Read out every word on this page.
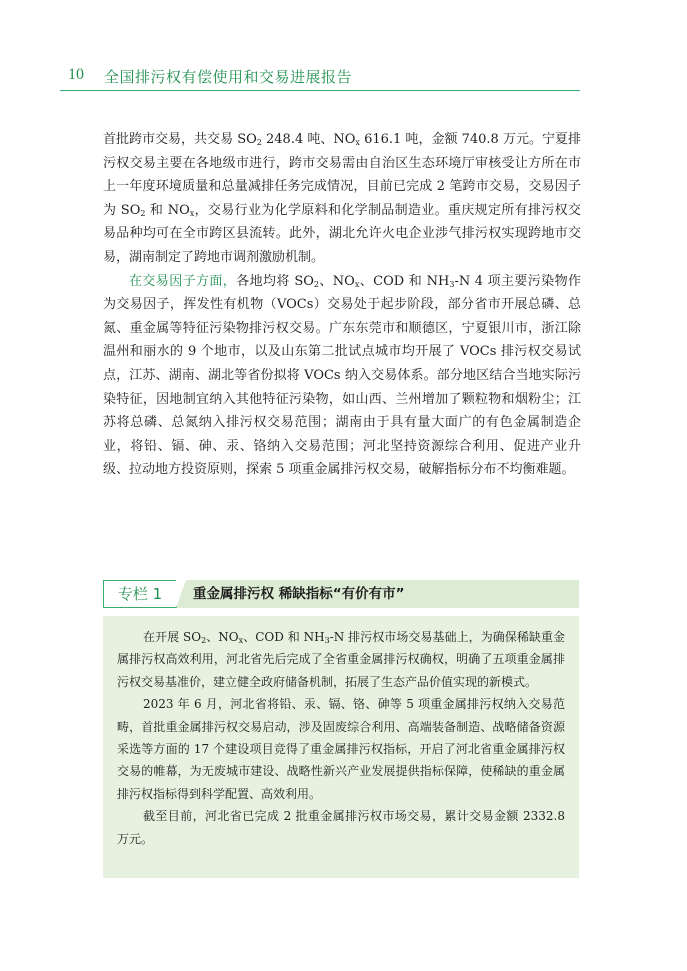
10 全国排污权有偿使用和交易进展报告

首批跨市交易，共交易 $SO_2$ 248.4 吨、$NO_x$ 616.1 吨，金额 740.8 万元。宁夏排污权交易主要在各地级市进行，跨市交易需由自治区生态环境厅审核受让方所在市上一年度环境质量和总量减排任务完成情况，目前已完成 2 笔跨市交易，交易因子为 $SO_2$ 和 $NO_x$，交易行业为化学原料和化学制品制造业。重庆规定所有排污权交易品种均可在全市跨区县流转。此外，湖北允许火电企业涉气排污权实现跨地市交易，湖南制定了跨地市调剂激励机制。

在交易因子方面，各地均将 $SO_2$、$NO_x$、COD 和 $NH_3-N$ 4 项主要污染物作为交易因子，挥发性有机物（VOCs）交易处于起步阶段，部分省市开展总磷、总氮、重金属等特征污染物排污权交易。广东东莞市和顺德区，宁夏银川市，浙江除温州和丽水的 9 个地市，以及山东第二批试点城市均开展了 VOCs 排污权交易试点，江苏、湖南、湖北等省份拟将 VOCs 纳入交易体系。部分地区结合当地实际污染特征，因地制宜纳入其他特征污染物，如山西、兰州增加了颗粒物和烟粉尘；江苏将总磷、总氮纳入排污权交易范围；湖南由于具有量大面广的有色金属制造企业，将铅、镉、砷、汞、铬纳入交易范围；河北坚持资源综合利用、促进产业升级、拉动地方投资原则，探索 5 项重金属排污权交易，破解指标分布不均衡难题。

专栏 1	重金属排污权 稀缺指标“有价有市”

在开展 $SO_2$、$NO_x$、COD 和 $NH_3-N$ 排污权市场交易基础上，为确保稀缺重金属排污权高效利用，河北省先后完成了全省重金属排污权确权，明确了五项重金属排污权交易基准价，建立健全政府储备机制，拓展了生态产品价值实现的新模式。

2023 年 6 月，河北省将铅、汞、镉、铬、砷等 5 项重金属排污权纳入交易范畴，首批重金属排污权交易启动，涉及固废综合利用、高端装备制造、战略储备资源采选等方面的 17 个建设项目竞得了重金属排污权指标，开启了河北省重金属排污权交易的帷幕，为无废城市建设、战略性新兴产业发展提供指标保障，使稀缺的重金属排污权指标得到科学配置、高效利用。

截至目前，河北省已完成 2 批重金属排污权市场交易，累计交易金额 2332.8 万元。
